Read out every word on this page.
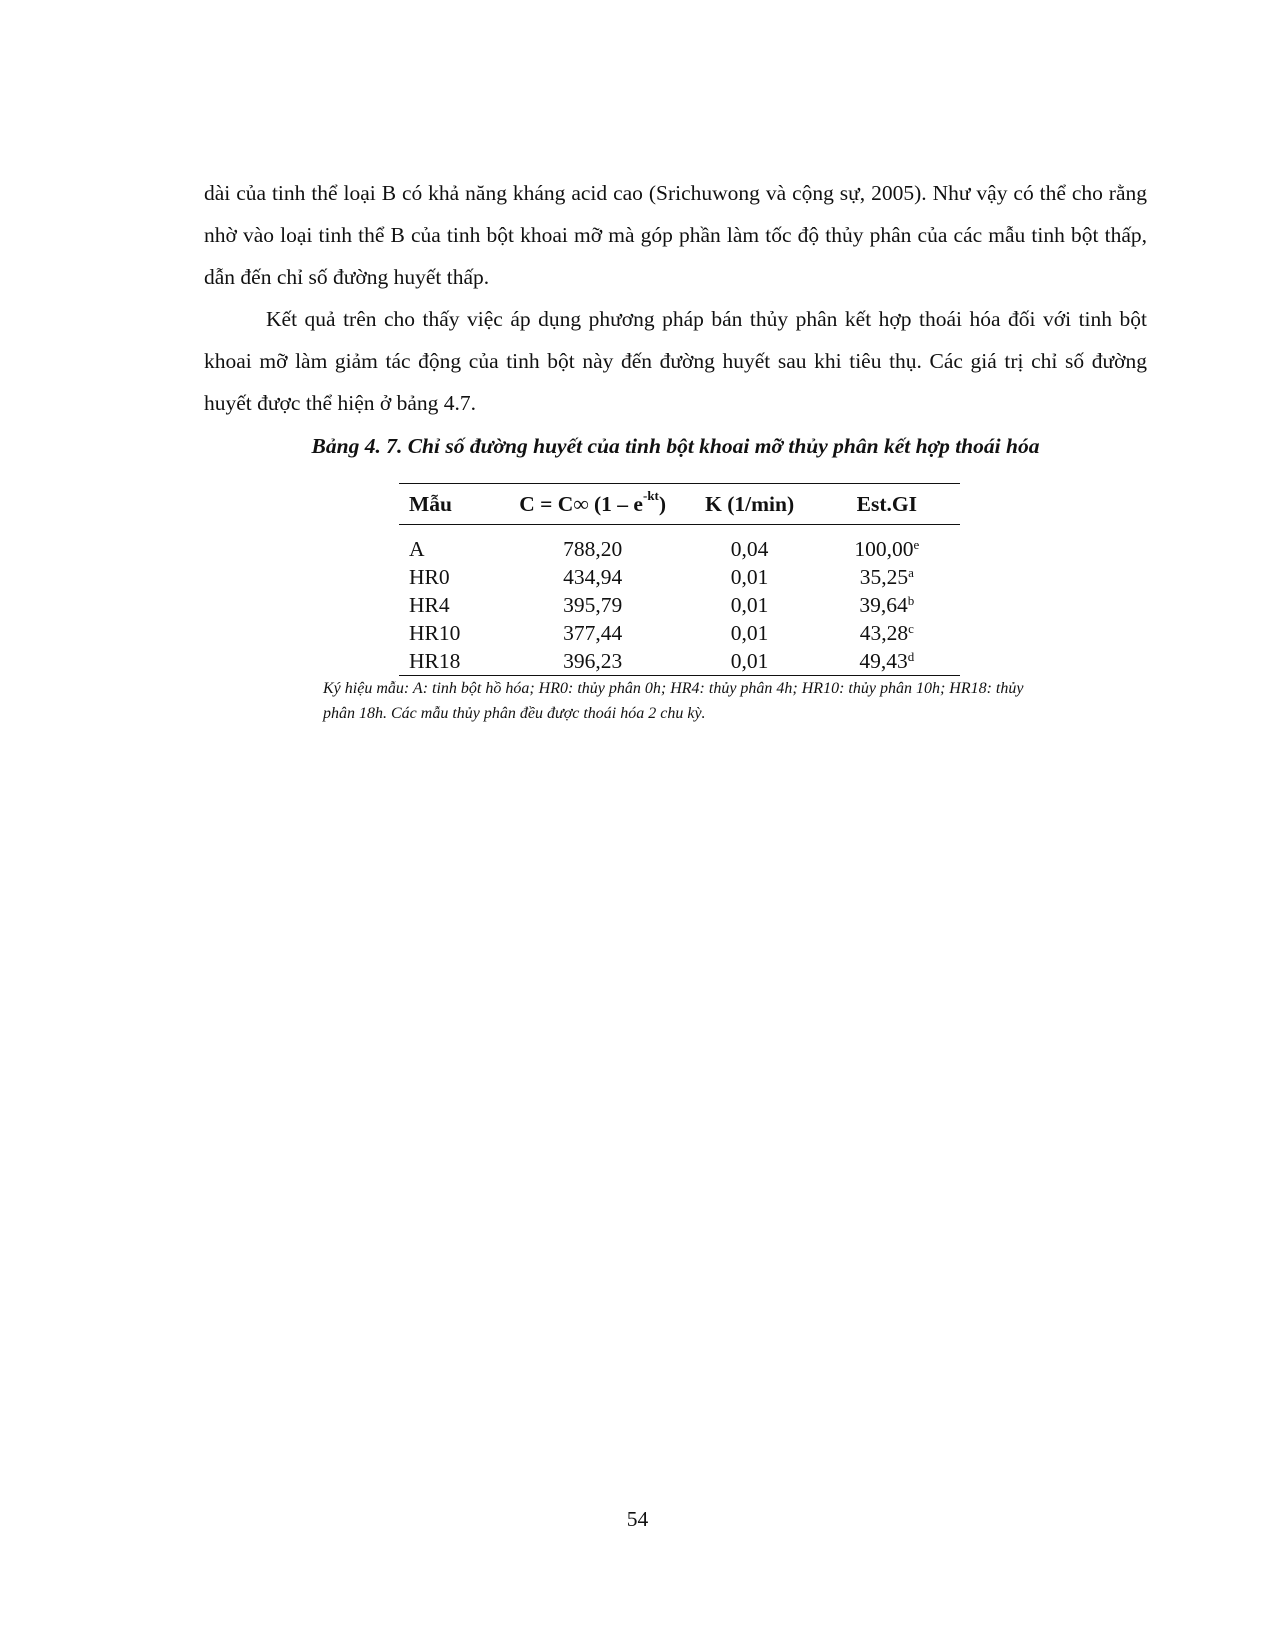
dài của tinh thể loại B có khả năng kháng acid cao (Srichuwong và cộng sự, 2005). Như vậy có thể cho rằng nhờ vào loại tinh thể B của tinh bột khoai mỡ mà góp phần làm tốc độ thủy phân của các mẫu tinh bột thấp, dẫn đến chỉ số đường huyết thấp.

Kết quả trên cho thấy việc áp dụng phương pháp bán thủy phân kết hợp thoái hóa đối với tinh bột khoai mỡ làm giảm tác động của tinh bột này đến đường huyết sau khi tiêu thụ. Các giá trị chỉ số đường huyết được thể hiện ở bảng 4.7.

Bảng 4. 7. Chỉ số đường huyết của tinh bột khoai mỡ thủy phân kết hợp thoái hóa

Mẫu	C = C∞ $(1 - e^{-kt})$	K (1/min)	Est.GI
A	788,20	0,04	100,00e
HR0	434,94	0,01	35,25$^a$
HR4	395,79	0,01	39,64$^b$
HR10	377,44	0,01	43,28$^c$
HR18	396,23	0,01	49,43$^d$

Ký hiệu mẫu: A: tinh bột hồ hóa; HR0: thủy phân 0h; HR4: thủy phân 4h; HR10: thủy phân 10h; HR18: thủy phân 18h. Các mẫu thủy phân đều được thoái hóa 2 chu kỳ.

54
